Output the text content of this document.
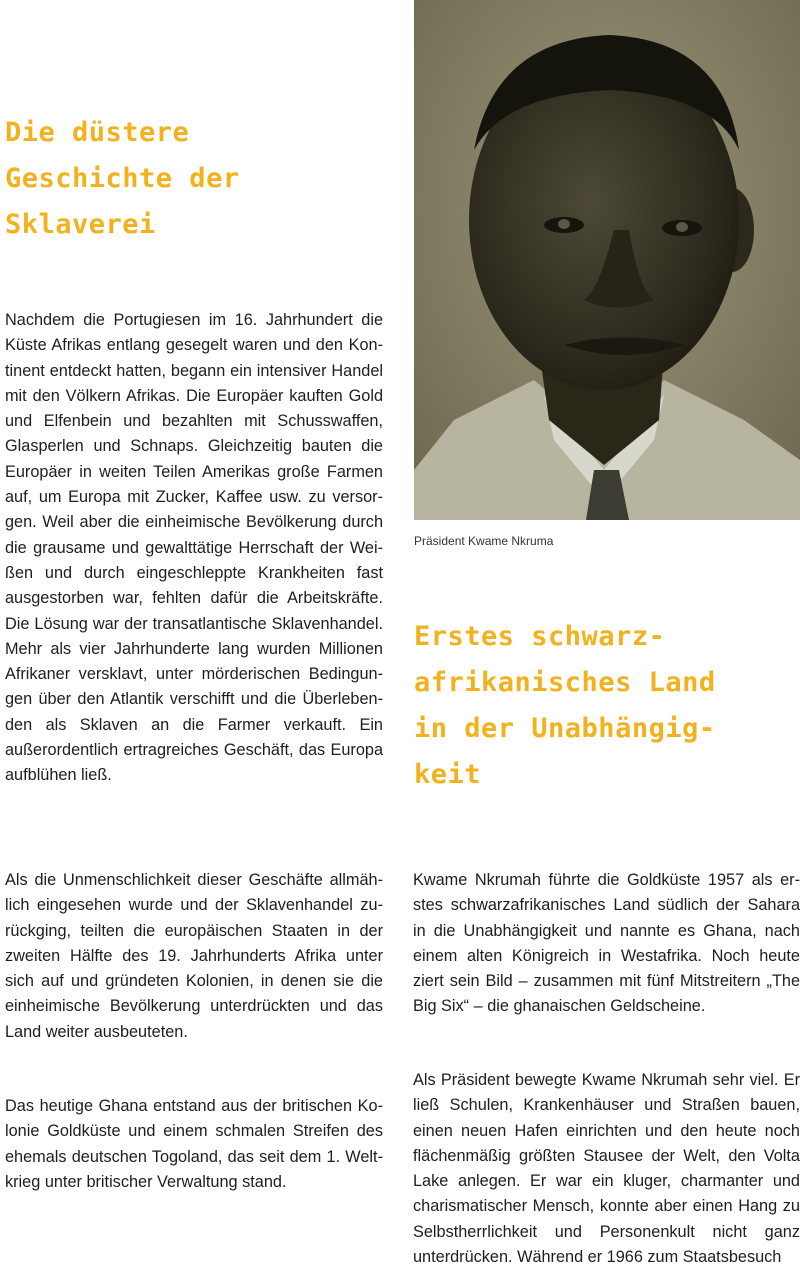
Die düstere
Geschichte der
Sklaverei

Nachdem die Portugiesen im 16. Jahrhundert die Küste Afrikas entlang gesegelt waren und den Kontinent entdeckt hatten, begann ein intensiver Handel mit den Völkern Afrikas. Die Europäer kauften Gold und Elfenbein und bezahlten mit Schusswaffen, Glasperlen und Schnaps. Gleichzeitig bauten die Europäer in weiten Teilen Amerikas große Farmen auf, um Europa mit Zucker, Kaffee usw. zu versorgen. Weil aber die einheimische Bevölkerung durch die grausame und gewalttätige Herrschaft der Weißen und durch eingeschleppte Krankheiten fast ausgestorben war, fehlten dafür die Arbeitskräfte. Die Lösung war der transatlantische Sklavenhandel. Mehr als vier Jahrhunderte lang wurden Millionen Afrikaner versklavt, unter mörderischen Bedingungen über den Atlantik verschifft und die Überlebenden als Sklaven an die Farmer verkauft. Ein außerordentlich ertragreiches Geschäft, das Europa aufblühen ließ.

Als die Unmenschlichkeit dieser Geschäfte allmählich eingesehen wurde und der Sklavenhandel zurückging, teilten die europäischen Staaten in der zweiten Hälfte des 19. Jahrhunderts Afrika unter sich auf und gründeten Kolonien, in denen sie die einheimische Bevölkerung unterdrückten und das Land weiter ausbeuteten.

Das heutige Ghana entstand aus der britischen Kolonie Goldküste und einem schmalen Streifen des ehemals deutschen Togoland, das seit dem 1. Weltkrieg unter britischer Verwaltung stand.

Präsident Kwame Nkruma
Erstes schwarz-
afrikanisches Land
in der Unabhängig-
keit

Kwame Nkrumah führte die Goldküste 1957 als erstes schwarzafrikanisches Land südlich der Sahara in die Unabhängigkeit und nannte es Ghana, nach einem alten Königreich in Westafrika. Noch heute ziert sein Bild – zusammen mit fünf Mitstreitern „The Big Six“ – die ghanaischen Geldscheine.

Als Präsident bewegte Kwame Nkrumah sehr viel. Er ließ Schulen, Krankenhäuser und Straßen bauen, einen neuen Hafen einrichten und den heute noch flächenmäßig größten Stausee der Welt, den Volta Lake anlegen. Er war ein kluger, charmanter und charismatischer Mensch, konnte aber einen Hang zu Selbstherrlichkeit und Personenkult nicht ganz unterdrücken. Während er 1966 zum Staatsbesuch
